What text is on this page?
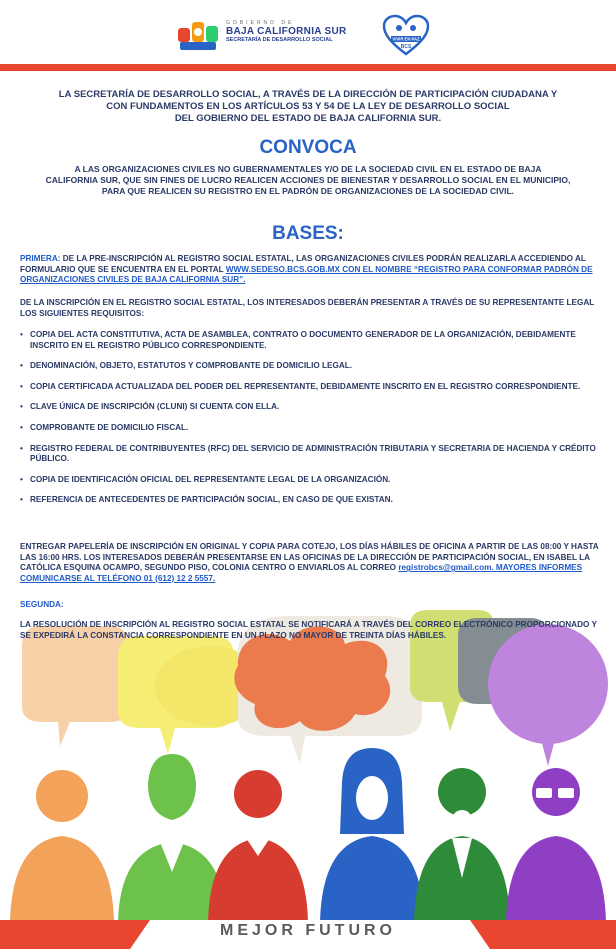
GOBIERNO DE
BAJA CALIFORNIA SUR
SECRETARÍA DE DESARROLLO SOCIAL	VIVIR EN PAZ
BCS
LA SECRETARÍA DE DESARROLLO SOCIAL, A TRAVÉS DE LA DIRECCIÓN DE PARTICIPACIÓN CIUDADANA Y
CON FUNDAMENTOS EN LOS ARTÍCULOS 53 Y 54 DE LA LEY DE DESARROLLO SOCIAL
DEL GOBIERNO DEL ESTADO DE BAJA CALIFORNIA SUR.
CONVOCA
A LAS ORGANIZACIONES CIVILES NO GUBERNAMENTALES Y/O DE LA SOCIEDAD CIVIL EN EL ESTADO DE BAJA
CALIFORNIA SUR, QUE SIN FINES DE LUCRO REALICEN ACCIONES DE BIENESTAR Y DESARROLLO SOCIAL EN EL MUNICIPIO,
PARA QUE REALICEN SU REGISTRO EN EL PADRÓN DE ORGANIZACIONES DE LA SOCIEDAD CIVIL.
BASES:
PRIMERA: DE LA PRE-INSCRIPCIÓN AL REGISTRO SOCIAL ESTATAL, LAS ORGANIZACIONES CIVILES PODRÁN REALIZARLA ACCEDIENDO AL FORMULARIO QUE SE ENCUENTRA EN EL PORTAL WWW.SEDESO.BCS.GOB.MX CON EL NOMBRE “REGISTRO PARA CONFORMAR PADRÓN DE ORGANIZACIONES CIVILES DE BAJA CALIFORNIA SUR”.
DE LA INSCRIPCIÓN EN EL REGISTRO SOCIAL ESTATAL, LOS INTERESADOS DEBERÁN PRESENTAR A TRAVÉS DE SU REPRESENTANTE LEGAL LOS SIGUIENTES REQUISITOS:
• COPIA DEL ACTA CONSTITUTIVA, ACTA DE ASAMBLEA, CONTRATO O DOCUMENTO GENERADOR DE LA ORGANIZACIÓN, DEBIDAMENTE INSCRITO EN EL REGISTRO PÚBLICO CORRESPONDIENTE.
• DENOMINACIÓN, OBJETO, ESTATUTOS Y COMPROBANTE DE DOMICILIO LEGAL.
• COPIA CERTIFICADA ACTUALIZADA DEL PODER DEL REPRESENTANTE, DEBIDAMENTE INSCRITO EN EL REGISTRO CORRESPONDIENTE.
• CLAVE ÚNICA DE INSCRIPCIÓN (CLUNI) SI CUENTA CON ELLA.
• COMPROBANTE DE DOMICILIO FISCAL.
• REGISTRO FEDERAL DE CONTRIBUYENTES (RFC) DEL SERVICIO DE ADMINISTRACIÓN TRIBUTARIA Y SECRETARIA DE HACIENDA Y CRÉDITO PÚBLICO.
• COPIA DE IDENTIFICACIÓN OFICIAL DEL REPRESENTANTE LEGAL DE LA ORGANIZACIÓN.
• REFERENCIA DE ANTECEDENTES DE PARTICIPACIÓN SOCIAL, EN CASO DE QUE EXISTAN.
ENTREGAR PAPELERÍA DE INSCRIPCIÓN EN ORIGINAL Y COPIA PARA COTEJO, LOS DÍAS HÁBILES DE OFICINA A PARTIR DE LAS 08:00 Y HASTA LAS 16:00 HRS. LOS INTERESADOS DEBERÁN PRESENTARSE EN LAS OFICINAS DE LA DIRECCIÓN DE PARTICIPACIÓN SOCIAL, EN ISABEL LA CATÓLICA ESQUINA OCAMPO, SEGUNDO PISO, COLONIA CENTRO O ENVIARLOS AL CORREO registrobcs@gmail.com. MAYORES INFORMES COMUNICARSE AL TELÉFONO 01 (612) 12 2 5557.
SEGUNDA:
LA RESOLUCIÓN DE INSCRIPCIÓN AL REGISTRO SOCIAL ESTATAL SE NOTIFICARÁ A TRAVÉS DEL CORREO ELECTRÓNICO PROPORCIONADO Y SE EXPEDIRÁ LA CONSTANCIA CORRESPONDIENTE EN UN PLAZO NO MAYOR DE TREINTA DÍAS HÁBILES.
MEJOR FUTURO
